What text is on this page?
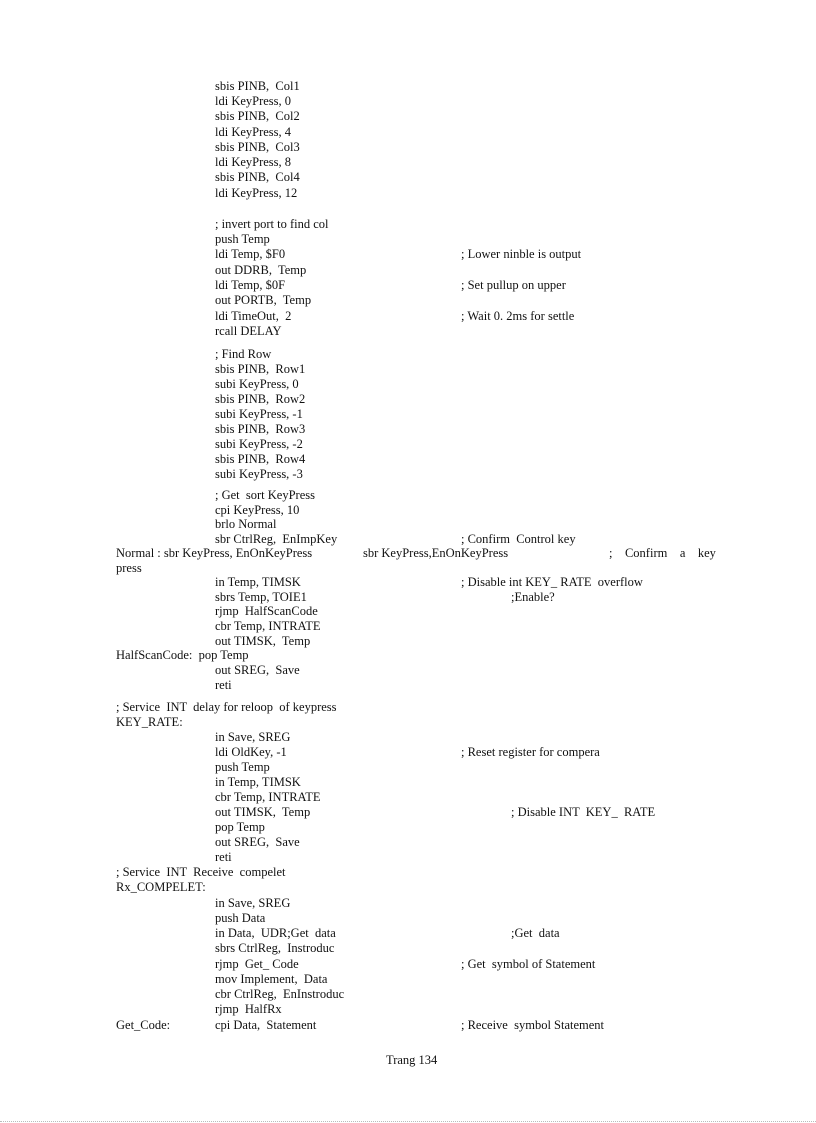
sbis PINB,  Col1
ldi KeyPress, 0
sbis PINB,  Col2
ldi KeyPress, 4
sbis PINB,  Col3
ldi KeyPress, 8
sbis PINB,  Col4
ldi KeyPress, 12
; invert port to find col
push Temp
ldi Temp, $F0	; Lower ninble is output
out DDRB,  Temp
ldi Temp, $0F	; Set pullup on upper
out PORTB,  Temp
ldi TimeOut,  2	; Wait 0. 2ms for settle
rcall DELAY
; Find Row
sbis PINB,  Row1
subi KeyPress, 0
sbis PINB,  Row2
subi KeyPress, -1
sbis PINB,  Row3
subi KeyPress, -2
sbis PINB,  Row4
subi KeyPress, -3
; Get  sort KeyPress
cpi KeyPress, 10
brlo Normal
sbr CtrlReg,  EnImpKey	; Confirm  Control key
Normal : sbr KeyPress, EnOnKeyPress	sbr KeyPress,EnOnKeyPress	;    Confirm    a    key
press
in Temp, TIMSK	; Disable int KEY_ RATE  overflow
sbrs Temp, TOIE1	;Enable?
rjmp  HalfScanCode
cbr Temp, INTRATE
out TIMSK,  Temp
HalfScanCode:  pop Temp
out SREG,  Save
reti
; Service  INT  delay for reloop  of keypress
KEY_RATE:
in Save, SREG
ldi OldKey, -1	; Reset register for compera
push Temp
in Temp, TIMSK
cbr Temp, INTRATE
out TIMSK,  Temp	; Disable INT  KEY_  RATE
pop Temp
out SREG,  Save
reti
; Service  INT  Receive  compelet
Rx_COMPELET:
in Save, SREG
push Data
in Data,  UDR;Get  data	;Get  data
sbrs CtrlReg,  Instroduc
rjmp  Get_ Code	; Get  symbol of Statement
mov Implement,  Data
cbr CtrlReg,  EnInstroduc
rjmp  HalfRx
Get_Code:	cpi Data,  Statement	; Receive  symbol Statement
Trang 134
